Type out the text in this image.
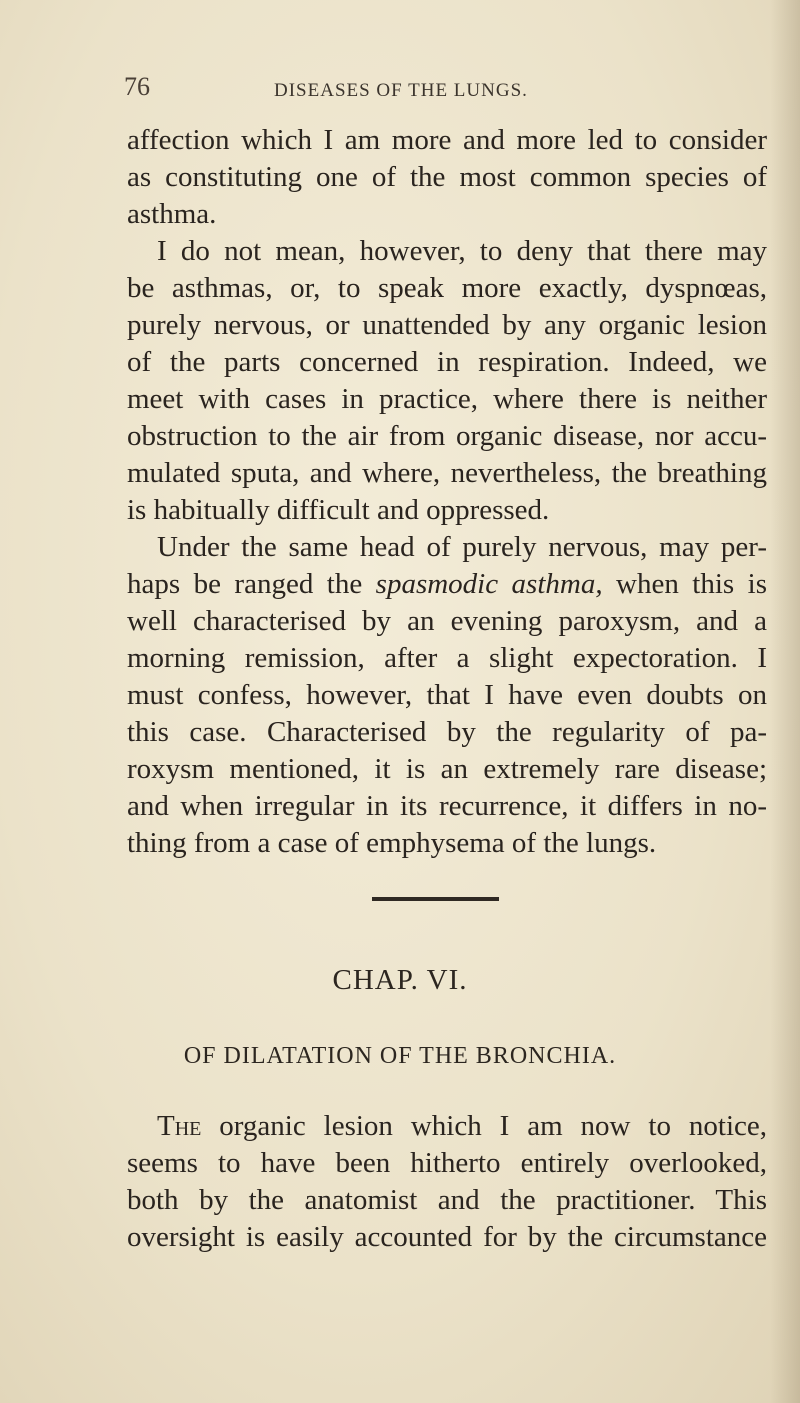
76	DISEASES OF THE LUNGS.
affection which I am more and more led to consider
as constituting one of the most common species of
asthma.
I do not mean, however, to deny that there may
be asthmas, or, to speak more exactly, dyspnœas,
purely nervous, or unattended by any organic lesion
of the parts concerned in respiration. Indeed, we
meet with cases in practice, where there is neither
obstruction to the air from organic disease, nor accu-
mulated sputa, and where, nevertheless, the breathing
is habitually difficult and oppressed.
Under the same head of purely nervous, may per-
haps be ranged the spasmodic asthma, when this is
well characterised by an evening paroxysm, and a
morning remission, after a slight expectoration. I
must confess, however, that I have even doubts on
this case. Characterised by the regularity of pa-
roxysm mentioned, it is an extremely rare disease;
and when irregular in its recurrence, it differs in no-
thing from a case of emphysema of the lungs.
CHAP. VI.
OF DILATATION OF THE BRONCHIA.
The organic lesion which I am now to notice,
seems to have been hitherto entirely overlooked,
both by the anatomist and the practitioner. This
oversight is easily accounted for by the circumstance
